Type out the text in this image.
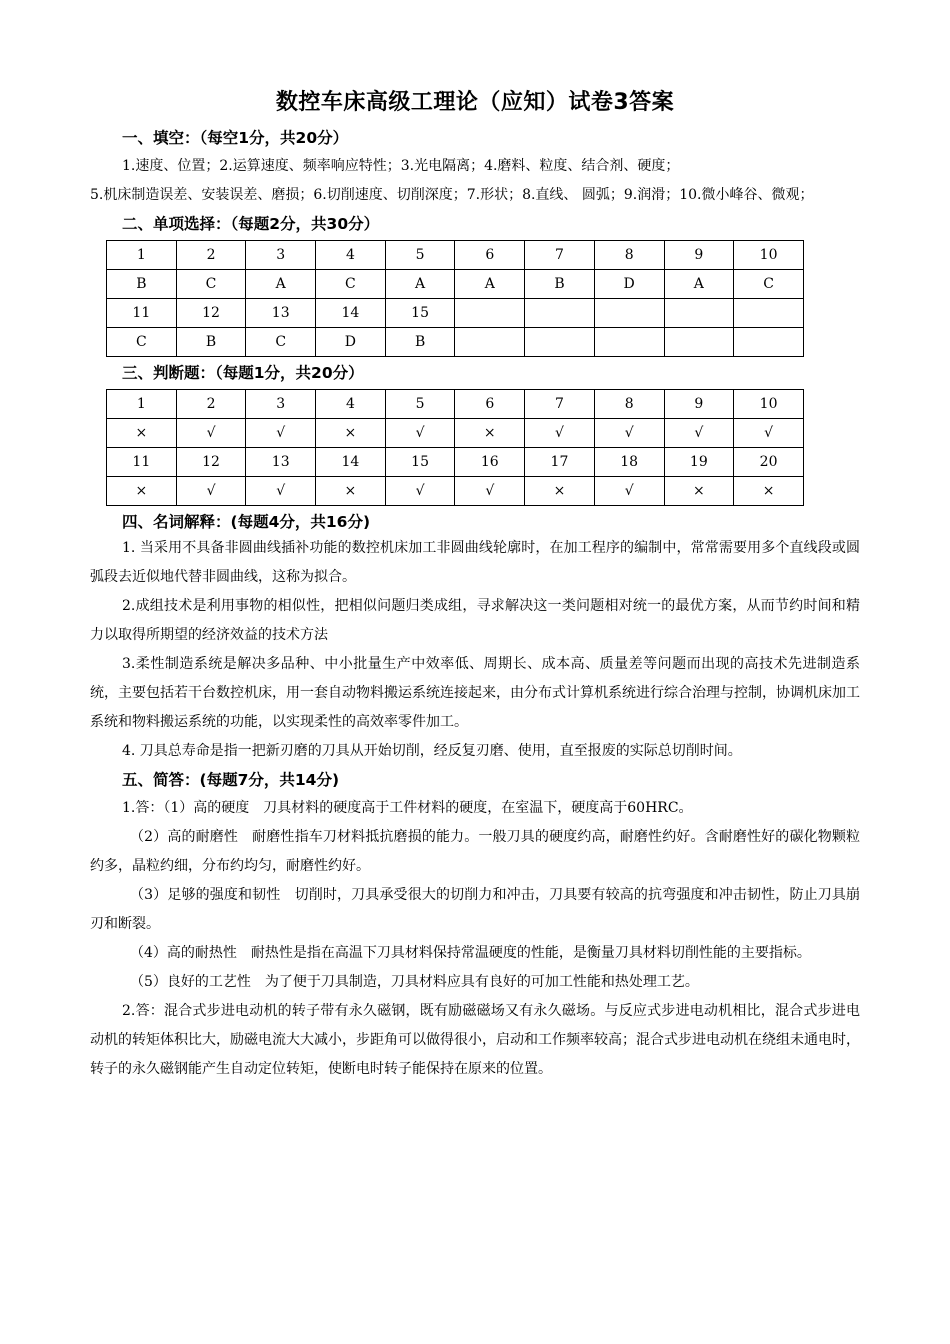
数控车床高级工理论（应知）试卷3答案

一、填空：（每空1分，共20分）

1.速度、位置；2.运算速度、频率响应特性；3.光电隔离；4.磨料、粒度、结合剂、硬度；

5.机床制造误差、安装误差、磨损；6.切削速度、切削深度；7.形状；8.直线、 圆弧；9.润滑；10.微小峰谷、微观；

二、单项选择：（每题2分，共30分）

1	2	3	4	5	6	7	8	9	10
B	C	A	C	A	A	B	D	A	C
11	12	13	14	15					
C	B	C	D	B					

三、判断题：（每题1分，共20分）

1	2	3	4	5	6	7	8	9	10
×	√	√	×	√	×	√	√	√	√
11	12	13	14	15	16	17	18	19	20
×	√	√	×	√	√	×	√	×	×

四、名词解释：(每题4分，共16分)

1. 当采用不具备非圆曲线插补功能的数控机床加工非圆曲线轮廓时，在加工程序的编制中，常常需要用多个直线段或圆弧段去近似地代替非圆曲线，这称为拟合。

2.成组技术是利用事物的相似性，把相似问题归类成组，寻求解决这一类问题相对统一的最优方案，从而节约时间和精力以取得所期望的经济效益的技术方法

3.柔性制造系统是解决多品种、中小批量生产中效率低、周期长、成本高、质量差等问题而出现的高技术先进制造系统，主要包括若干台数控机床，用一套自动物料搬运系统连接起来，由分布式计算机系统进行综合治理与控制，协调机床加工系统和物料搬运系统的功能，以实现柔性的高效率零件加工。

4. 刀具总寿命是指一把新刃磨的刀具从开始切削，经反复刃磨、使用，直至报废的实际总切削时间。

五、简答：(每题7分，共14分)

1.答：（1）高的硬度　刀具材料的硬度高于工件材料的硬度，在室温下，硬度高于60HRC。

（2）高的耐磨性　耐磨性指车刀材料抵抗磨损的能力。一般刀具的硬度约高，耐磨性约好。含耐磨性好的碳化物颗粒约多，晶粒约细，分布约均匀，耐磨性约好。

（3）足够的强度和韧性　切削时，刀具承受很大的切削力和冲击，刀具要有较高的抗弯强度和冲击韧性，防止刀具崩刃和断裂。

（4）高的耐热性　耐热性是指在高温下刀具材料保持常温硬度的性能，是衡量刀具材料切削性能的主要指标。

（5）良好的工艺性　为了便于刀具制造，刀具材料应具有良好的可加工性能和热处理工艺。

2.答：混合式步进电动机的转子带有永久磁钢，既有励磁磁场又有永久磁场。与反应式步进电动机相比，混合式步进电动机的转矩体积比大，励磁电流大大减小，步距角可以做得很小，启动和工作频率较高；混合式步进电动机在绕组未通电时，转子的永久磁钢能产生自动定位转矩，使断电时转子能保持在原来的位置。
